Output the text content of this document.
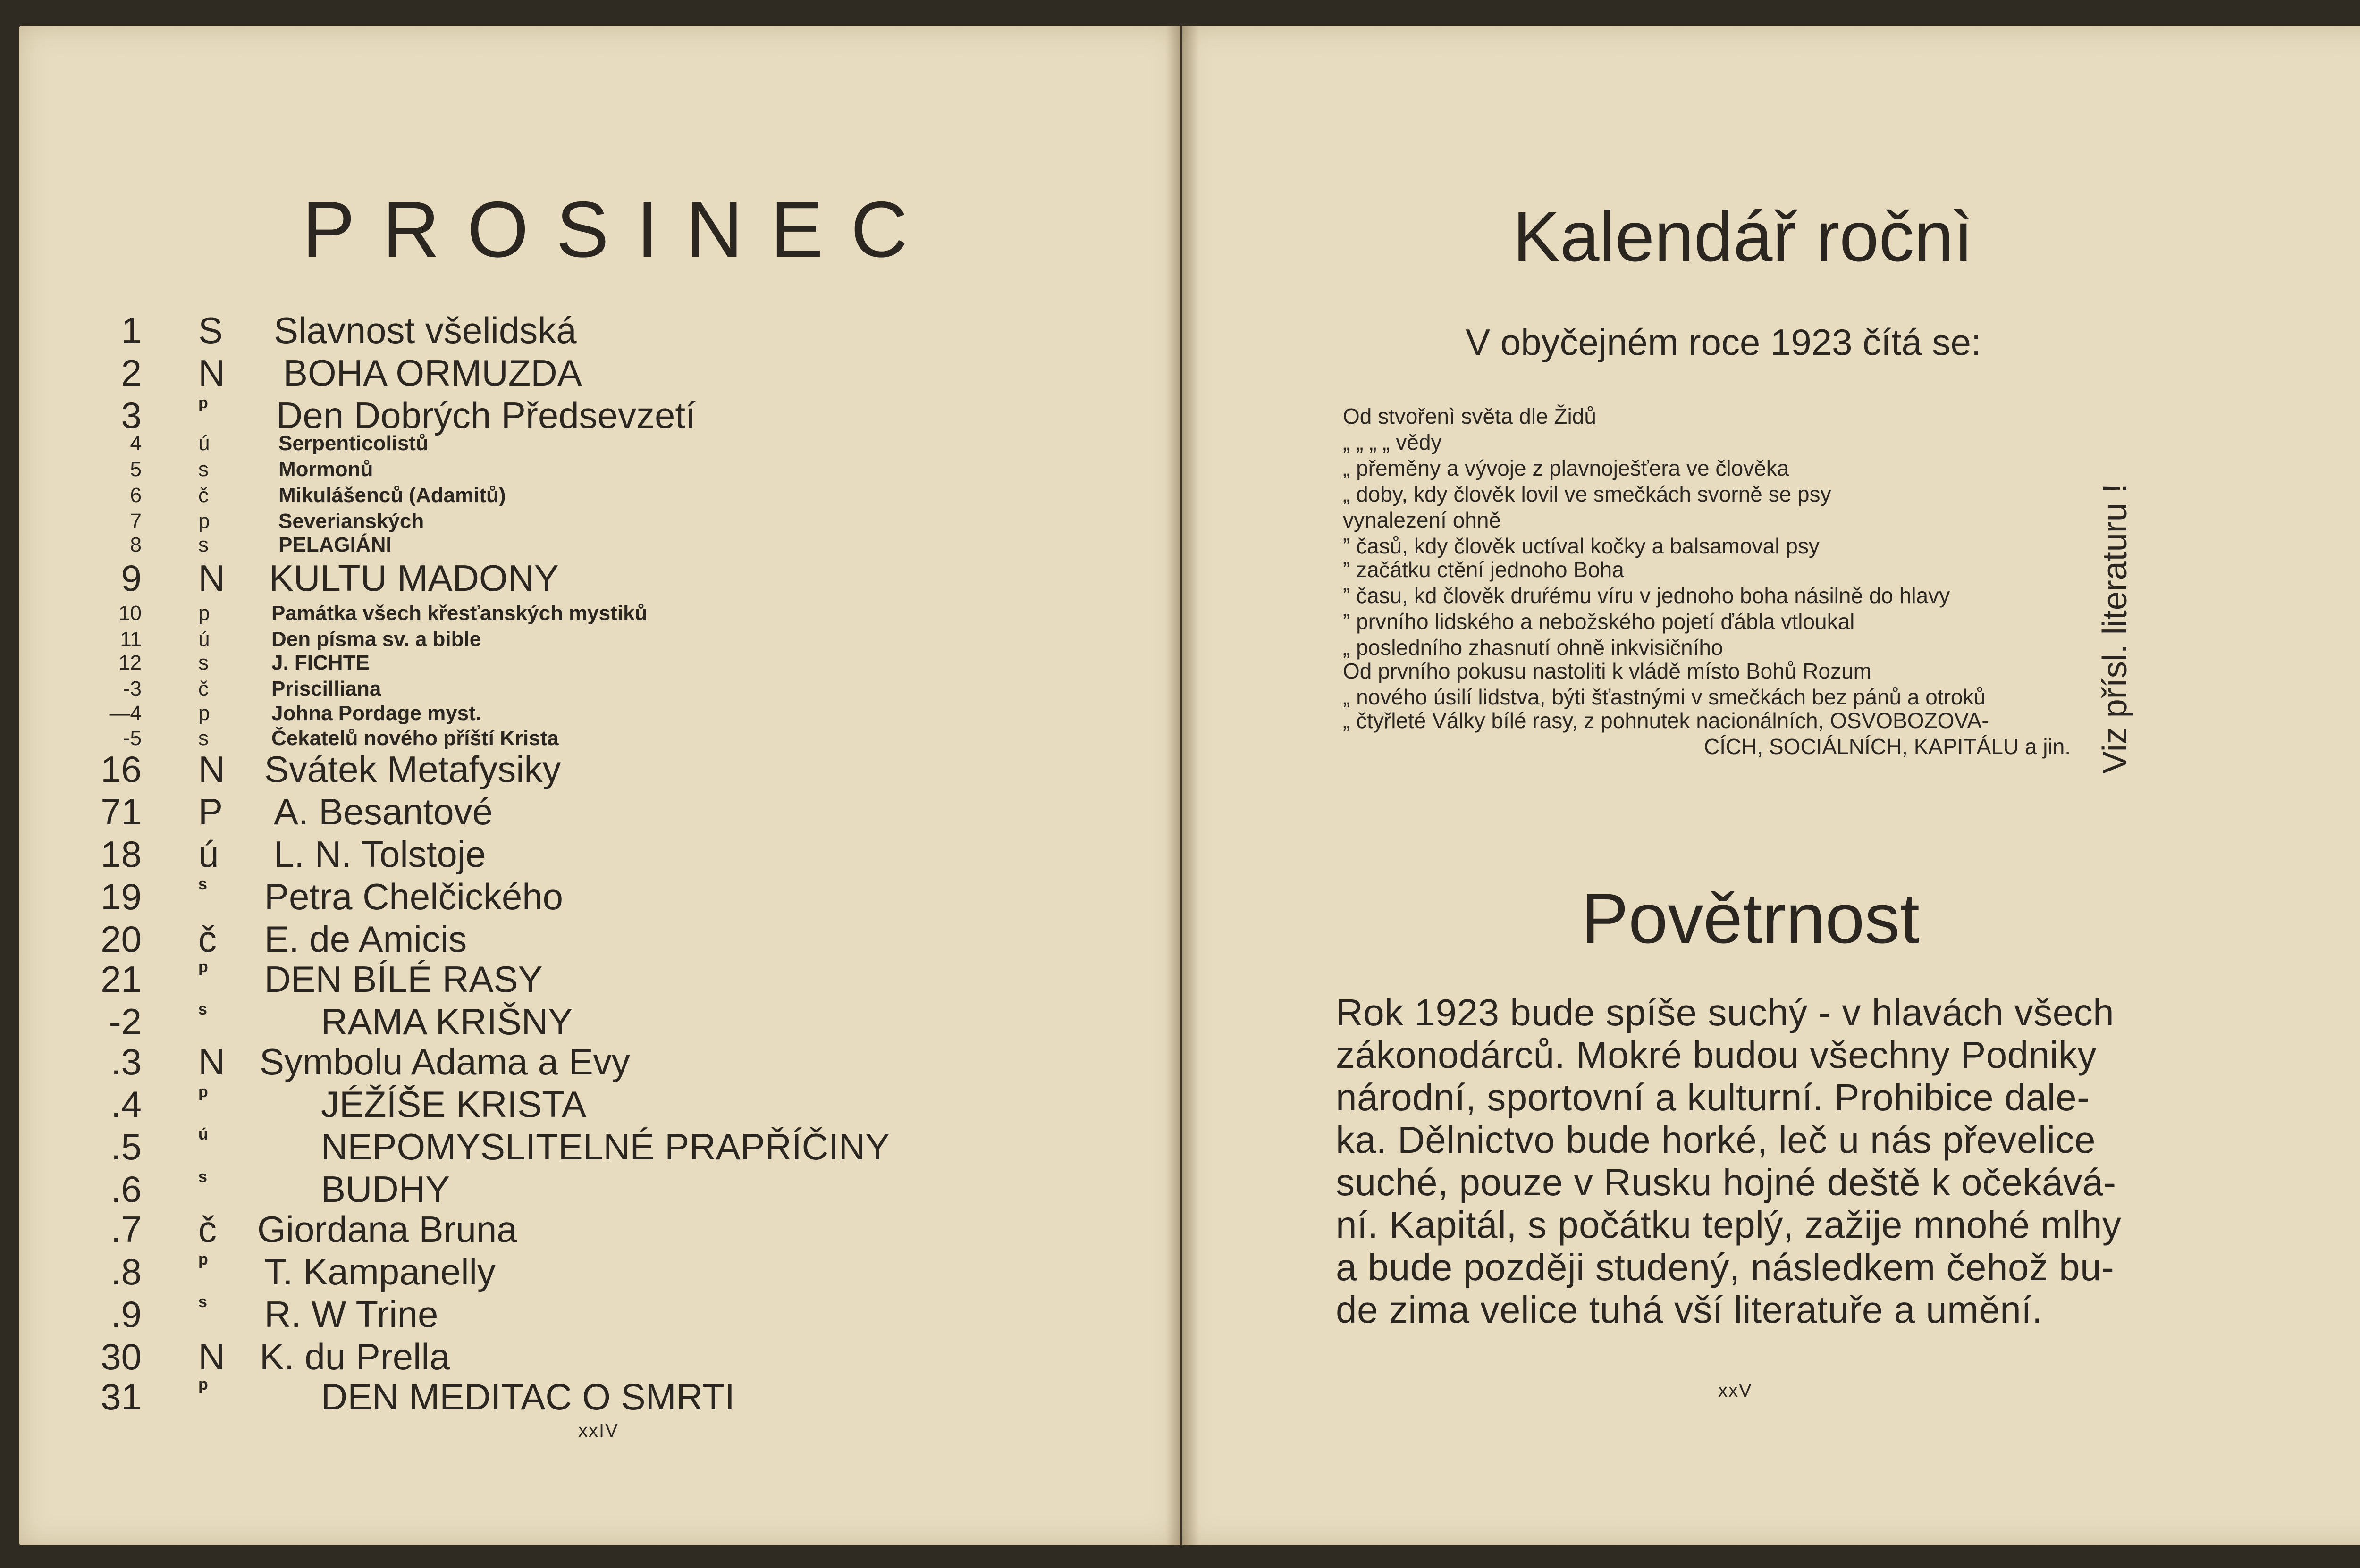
PROSINEC
1 S Slavnost všelidská
2 N BOHA ORMUZDA
3	p Den Dobrých Předsevzetí
4	ú	Serpenticolistů
5	s	Mormonů
6	č	Mikulášenců (Adamitů)
7	p	Severianských
8	s	PELAGIÁNI
9 N KULTU MADONY
10	p	Památka všech křesťanských mystiků
11	ú	Den písma sv. a bible
12	s	J. FICHTE
-3	č	Priscilliana
—4	p	Johna Pordage myst.
-5	s	Čekatelů nového příští Krista
16 N Svátek Metafysiky
71 P A. Besantové
18 ú L. N. Tolstoje
19	s Petra Chelčického
20 č E. de Amicis
21	p DEN BÍLÉ RASY
-2	s	RAMA KRIŠNY
.3 N Symbolu Adama a Evy
.4	p	JÉŽÍŠE KRISTA
.5	ú	NEPOMYSLITELNÉ PRAPŘÍČINY
.6	s	BUDHY
.7 č Giordana Bruna
.8	p T. Kampanelly
.9	s R. W Trine
30 N K. du Prella
31	p	DEN MEDITAC O SMRTI
xxIV
Kalendář ročnì
V obyčejném roce 1923 čítá se:
Od stvořenì světa dle Židů
„ „ „ „ vědy
„ přeměny a vývoje z plavnoješťera ve člověka
„ doby, kdy člověk lovil ve smečkách svorně se psy
vynalezení ohně
” časů, kdy člověk uctíval kočky a balsamoval psy
” začátku ctění jednoho Boha
” času, kd člověk druŕému víru v jednoho boha násilně do hlavy
” prvního lidského a nebožského pojetí ďábla vtloukal
„ posledního zhasnutí ohně inkvisičního
Od prvního pokusu nastoliti k vládě místo Bohů Rozum
„ nového úsilí lidstva, býti šťastnými v smečkách bez pánů a otroků
„ čtyřleté Války bílé rasy, z pohnutek nacionálních, OSVOBOZOVA-
CÍCH, SOCIÁLNÍCH, KAPITÁLU a jin. Viz přísl. literaturu !
Povětrnost
Rok 1923 bude spíše suchý - v hlavách všech
zákonodárců. Mokré budou všechny Podniky
národní, sportovní a kulturní. Prohibice dale-
ka. Dělnictvo bude horké, leč u nás převelice
suché, pouze v Rusku hojné deště k očekává-
ní. Kapitál, s počátku teplý, zažije mnohé mlhy
a bude později studený, následkem čehož bu-
de zima velice tuhá vší literatuře a umění.
xxV
